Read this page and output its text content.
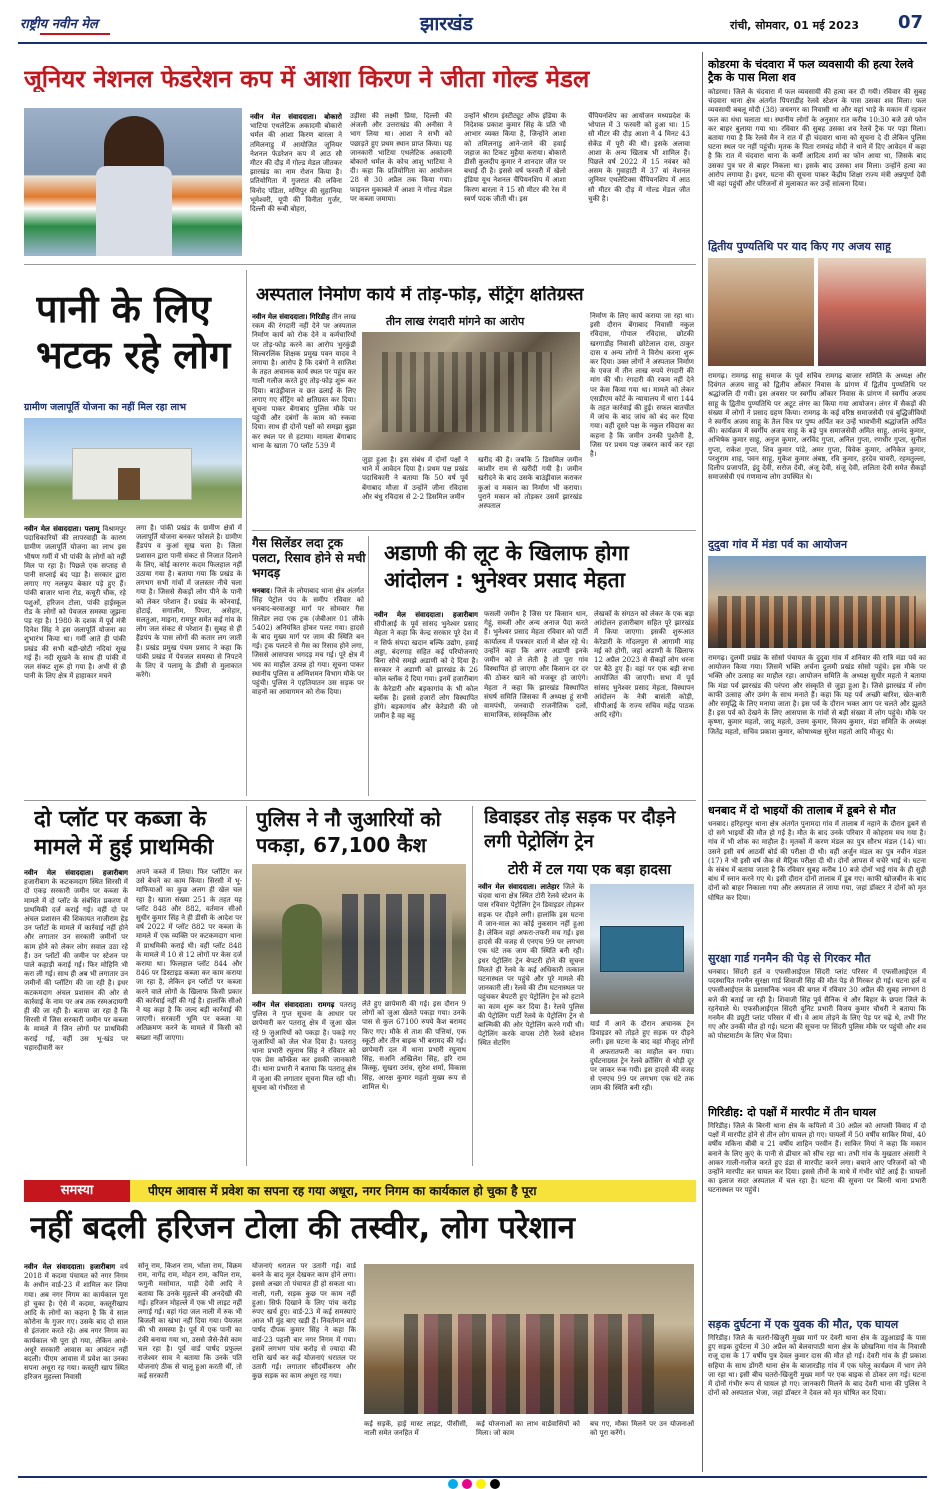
राष्ट्रीय नवीन मेल	झारखंड	रांची, सोमवार, 01 मई 2023 07
जूनियर नेशनल फेडरेशन कप में आशा किरण ने जीता गोल्ड मेडल
नवीन मेल संवाददाता। बोकारो भाटिया एथलेटिक अकादमी बोकारो थर्मल की आशा किरण बारला ने तमिलनाडु में आयोजित जूनियर नेशनल फेडरेशन कप में आठ सौ मीटर की दौड़ में गोल्ड मेडल जीतकर झारखंड का नाम रोशन किया है। प्रतियोगिता में गुजरात की लविना विनोद पंडिता, मणिपुर की सुहानिया भूमेश्वरी, यूपी की विनीता गुर्जर, दिल्ली की रूबी बोहरा,
उड़ीसा की लक्ष्मी प्रिया, दिल्ली की अंजली और उत्तराखंड की अनीसा ने भाग लिया था। आशा ने सभी को पछाड़ते हुए प्रथम स्थान प्राप्त किया। यह जानकारी भाटिया एथलेटिक अकादमी बोकारो थर्मल के कोच आशु भाटिया ने दी। कहा कि प्रतियोगिता का आयोजन 28 से 30 अप्रैल तक किया गया। फाइनल मुकाबले में आशा ने गोल्ड मेडल पर कब्जा जमाया।
उन्होंने श्रीराम इंस्टीट्यूट ऑफ इंडिया के निदेशक प्रकाश कुमार सिंह के प्रति भी आभार व्यक्त किया है, जिन्होंने आशा को तमिलनाडु आने-जाने की हवाई जहाज का टिकट मुहैया कराया। बोकारो डीसी कुलदीप कुमार ने शानदार जीत पर बधाई दी है। इससे वर्ष फरवरी में खेलो इंडिया यूथ नेशनल चैंपियनशिप में आशा किरण बारला ने 15 सौ मीटर की रेस में स्वर्ण पदक जीती थी। इस
चैंपियनशिप का आयोजन मध्यप्रदेश के भोपाल में 3 फरवरी को हुआ था। 15 सौ मीटर की दौड़ आशा ने 4 मिनट 43 सेकेंड में पूरी की थी। इसके अलावा आशा के अन्य खिताब भी शामिल हैं। पिछले वर्ष 2022 में 15 नवंबर को असम के गुवाहाटी में 37 वां नेशनल जूनियर एथलेटिक्स चैंपियनशिप में आठ सौ मीटर की दौड़ में गोल्ड मेडल जीत चुकी है।
पानी के लिए भटक रहे लोग
ग्रामीण जलापूर्ति योजना का नहीं मिल रहा लाभ
नवीन मेल संवाददाता। पलामू विश्रामपुर पदाधिकारियों की लापरवाही के कारण ग्रामीण जलापूर्ति योजना का लाभ इस भीषण गर्मी में भी पांकी के लोगों को नहीं मिल पा रहा है। पिछले एक सप्ताह से पानी सप्लाई बंद पड़ा है। सरकार द्वारा लगाए गए नलकूप बेकार पड़े हुए हैं। पांकी बाजार थाना रोड, कचूरी चौक, रहे पशुओं, हरिजन टोला, पांकी हाईस्कूल रोड के लोगों को पेयजल समस्या जूझना पड़ रहा है। 1980 के दशक में पूर्व मंत्री दिनेश सिंह ने इस जलापूर्ति योजना का शुभारंभ किया था। गर्मी आते ही पांकी प्रखंड की सभी बड़ी-छोटी नदियां सूख गई हैं। नदी सूखने के साथ ही पांकी में जल संकट शुरू हो गया है। अभी से ही पानी के लिए क्षेत्र में हाहाकार मचने
लगा है। पांकी प्रखंड के ग्रामीण क्षेत्रों में जलापूर्ति योजना बनकर फोसले है। ग्रामीण हैंडपंप व कुआं सूख चला है। जिला प्रशासन द्वारा पानी संकट से निजात दिलाने के लिए, कोई कारगर कदम फिलहाल नहीं उठाया गया है। बताया गया कि प्रखंड के लगभग सभी गांवों में जलस्तर नीचे चला गया है। जिससे सैकड़ों लोग पीने के पानी को लेकर परेशान हैं। प्रखंड के कोनवाई, होटाई, सगालीम, पिपरा, असेहार, सलतुआ, माइना, रामपुर समेत कई गांव के लोग जल संकट से परेशान हैं। सुबह से ही हैंडपंप के पास लोगों की कतार लग जाती है। प्रखंड प्रमुख पंचम प्रसाद ने कहा कि पांकी प्रखंड में पेयजल समस्या से निपटने के लिए वे पलामू के डीसी से मुलाकात करेंगे।
अस्पताल निर्माण कार्य में तोड़-फोड़, सेंट्रिंग क्षतिग्रस्त
नवीन मेल संवाददाता। गिरिडीह तीन लाख रकम की रंगदारी नहीं देने पर अस्पताल निर्माण कार्य को रोक देने व कर्मचारियों पर तोड़-फोड़ करने का आरोप भुरकुंडी सिल्वरलिंक शिक्षक प्रमुख पवन यादव ने लगाया है। आरोप है कि दबंगों ने साजिश के तहत अचानक कार्य स्थल पर पहुंच कर गाली गलौज करते हुए तोड़-फोड़ शुरू कर दिया। बाउंड्रीवाल व छत ढलाई के लिए लगाए गए सेंट्रिंग को क्षतिग्रस्त कर दिया। सूचना पाकर बेंगाबाद पुलिस मौके पर पहुंची और दबंगों के काम को रुकवा दिया। साथ ही दोनों पक्षों को समझा बुझा कर स्थल पर से हटाया। मामला बेंगाबाद थाना के खाता 70 प्लॉट 539 में
तीन लाख रंगदारी मांगने का आरोप
जुड़ा हुआ है। इस संबंध में दोनों पक्षों ने थाने में आवेदन दिया है। प्रथम पक्ष प्रखंड पदाधिकारी ने बताया कि 50 वर्ष पूर्व बेंगाबाद मौजा में उन्होंने जीना रविदास और बंधु रविदास से 2-2 डिसमिल जमीन
खरीद की है। जबकि 5 डिसमिल जमीन काशीर राम से खरीदी गयी है। जमीन खरीदने के बाद उसके बाउंड्रीवाल कराकर कुआं व मकान का निर्माण भी कराया। पुराने मकान को तोड़कर उसमें झारखंड अस्पताल
निर्माण के लिए कार्य कराया जा रहा था। इसी दौरान बेंगाबाद निवासी नकुल रविदास, गोपाल रविदास, छोटकी खरगाडीह निवासी छोटेलाल दास, ठाकुर दास व अन्य लोगों ने विरोध करना शुरू कर दिया। उक्त लोगों ने अस्पताल निर्माण के एवज में तीन लाख रुपये रंगदारी की मांग की थी। रंगदारी की रकम नहीं देने पर केस किया गया था। मामले को लेकर एसडीएम कोर्ट के न्यायालय में धारा 144 के तहत कार्रवाई की हुई। सफल बातचीत में जांच के बाद जांच को बंद कर दिया गया। वहीं दूसरे पक्ष के नकुल रविदास का कहना है कि जमीन उनकी पुश्तैनी है, जिस पर प्रथम पक्ष जबरन कार्य कर रहा है।
गैस सिलेंडर लदा ट्रक पलटा, रिसाव होने से मची भगदड़
धनबाद। जिले के लोयाबाद थाना क्षेत्र अंतर्गत सिंह पेट्रोल पंप के समीप रविवार को धनबाद-बरवाअड्डा मार्ग पर सोमवार गैस सिलेंडर लदा एक ट्रक (जेबीआर 01 जीके 5402) अनियंत्रित होकर पलट गया। हादसे के बाद मुख्य मार्ग पर जाम की स्थिति बन गई। ट्रक पलटने से गैस का रिसाव होने लगा, जिससे आसपास भगदड़ मच गई। पूरे क्षेत्र में भय का माहौल उत्पन्न हो गया। सूचना पाकर स्थानीय पुलिस व अग्निशमन विभाग मौके पर पहुंची। पुलिस ने एहतियातन उस सड़क पर वाहनों का आवागमन को रोक दिया।
अडाणी की लूट के खिलाफ होगा आंदोलन : भुनेश्वर प्रसाद मेहता
नवीन मेल संवाददाता। हजारीबाग सीपीआई के पूर्व सांसद भुनेश्वर प्रसाद मेहता ने कहा कि केन्द्र सरकार पूरे देश में न सिर्फ संपदा खदान बल्कि उद्योग, हवाई अड्डा, बंदरगाह सहित कई परियोजनाएं बिना सोचे समझे अडाणी को दे दिया है। सरकार ने अडाणी को झारखंड के 26 कोल ब्लॉक दे दिया गया। इनमें हजारीबाग के केरेडारी और बड़कागांव के भी कोल ब्लॉक है। इससे हजारों लोग विस्थापित होंगे। बड़कागांव और केरेडारी की जो जमीन है वह बहु
फसली जमीन है जिस पर किसान धान, गेहूं, सब्जी और अन्य अनाज पैदा करते हैं। भुनेश्वर प्रसाद मेहता रविवार को पार्टी कार्यालय में पत्रकार वार्ता में बोल रहे थे। उन्होंने कहा कि अगर अडाणी इनके जमीन को ले लेती है तो पूरा गांव विस्थापित हो जाएगा और किसान दर दर की ठोकर खाने को मजबूर हो जाएंगे। मेहता ने कहा कि झारखंड विस्थापित संघर्ष समिति जिसका मैं अध्यक्ष हूं सभी वामपंथी, जनवादी राजनीतिक दलों, सामाजिक, सांस्कृतिक और
लेखकों के संगठन को लेकर के एक बड़ा आंदोलन हजारीबाग सहित पूरे झारखंड में किया जाएगा। इसकी शुरूआत केरेडारी के गोंदलपुरा से आगामी माह मई को होगी, जहां अडाणी के खिलाफ 12 अप्रैल 2023 से सैकड़ों लोग धरना पर बैठे हुए हैं। वहां पर एक बड़ी सभा आयोजित की जाएगी। सभा में पूर्व सांसद भुनेश्वर प्रसाद मेहता, विस्थापन आंदोलन के नेत्री बासंती कोड़ी, सीपीआई के राज्य सचिव महेंद्र पाठक आदि रहेंगे।
दो प्लॉट पर कब्जा के मामले में हुई प्राथमिकी
नवीन मेल संवाददाता। हजारीबाग हजारीबाग के कटकमदाग स्थित सिरसी में दो एकड़ सरकारी जमीन पर कब्जा के मामले में दो प्लॉट के संबंधित प्रकरण में प्राथमिकी दर्ज कराई गई। वहीं दो पर अंचल प्रशासन की शिकायत नाजीराम हेड़ उन प्लॉटों के मामले में कार्रवाई नहीं होने और लगातार उन सरकारी जमीनों पर काम होने को लेकर लोग सवाल उठा रहे हैं। उन प्लॉटों की जमीन पर स्टेशन पर पाले कहाड़ी कराई गई। फिर मोहिनि भी करा ली गई। साथ ही अब भी लगातार उन जमीनों की प्लॉटिंग की जा रही है। इधर कटकमदाग अंचल प्रशासन की ओर से कार्रवाई के नाम पर अब तक रस्मअदायगी ही की जा रही है। बताया जा रहा है कि सिरसी में जिस सरकारी जमीन पर कब्जा के मामले में जिन लोगों पर प्राथमिकी कराई गई, वहीं उस भू-खंड पर चहारदीवारी कर
अपने कब्जे में लिया। फिर प्लॉटिंग कर उसे बेचने का काम किया। सिरसी में भू-माफियाओं का कुछ अलग ही खेल चल रहा है। खाता संख्या 251 के तहत यह प्लॉट 848 और 882, वर्तमान सीओ सुधीर कुमार सिंह ने ही डीसी के आदेश पर वर्ष 2022 में प्लॉट 882 पर कब्जा के मामले में एक व्यक्ति पर कटकमदाग थाना में प्राथमिकी कराई थी। वहीं प्लॉट 848 के मामले में 10 से 12 लोगों पर केस दर्ज कराया था। फिलहाल प्लॉट 844 और 846 पर डिस्टाइड कब्जा कर काम कराया जा रहा है, लेकिन इन प्लॉटों पर कब्जा करने वाले लोगों के खिलाफ किसी प्रकार की कार्रवाई नहीं की गई है। हालांकि सीओ ने यह कहा है कि जल्द बड़ी कार्रवाई की जाएगी। सरकारी भूमि पर कब्जा या अतिक्रमण करने के मामले में किसी को बख्शा नहीं जाएगा।
पुलिस ने नौ जुआरियों को पकड़ा, 67,100 कैश
नवीन मेल संवाददाता। रामगढ़ पतरातू पुलिस ने गुप्त सूचना के आधार पर छापेमारी कर पतरातू क्षेत्र में जुआ खेल रहे 9 जुआरियों को पकड़ा है। पकड़े गए जुआरियों को जेल भेज दिया है। पतरातू थाना प्रभारी रघुनाथ सिंह ने रविवार को एक प्रेस कॉन्फ्रेंस कर इसकी जानकारी दी। थाना प्रभारी ने बताया कि पतरातू क्षेत्र में जुआ की लगातार सूचना मिल रही थी। सूचना को गंभीरता से
लेते हुए छापेमारी की गई। इस दौरान 9 लोगों को जुआ खेलते पकड़ा गया। उनके पास से कुल 67100 रुपये कैश बरामद किए गए। मौके से ताश की पत्तियां, एक स्कूटी और तीन बाइक भी बरामद की गई। छापेमारी दल में थाना प्रभारी रघुनाथ सिंह, सअनि अखिलेश सिंह, हरि राम किस्कू, सुखरा उरांव, सुरेश शर्मा, विकास सिंह, आरक्ष कुमार महतो मुख्य रूप से शामिल थे।
डिवाइडर तोड़ सड़क पर दौड़ने लगी पेट्रोलिंग ट्रेन
टोरी में टल गया एक बड़ा हादसा
नवीन मेल संवाददाता। लातेहार जिले के चंदवा थाना क्षेत्र स्थित टोरी रेलवे स्टेशन के पास रविवार पेट्रोलिंग ट्रेन डिवाइडर तोड़कर सड़क पर दौड़ने लगी। हालांकि इस घटना में जान-माल का कोई नुकसान नहीं हुआ है। लेकिन वहां अफरा-तफरी मच गई। इस हादसे की वजह से एनएच 99 पर लगभग एक घंटे तक जाम की स्थिति बनी रही। इधर पेट्रोलिंग ट्रेन बेपटरी होने की सूचना मिलते ही रेलवे के कई अधिकारी तत्काल घटनास्थल पर पहुंचे और पूरे मामले की जानकारी ली। रेलवे की टीम घटनास्थल पर पहुंचकर बेपटरी हुए पेट्रोलिंग ट्रेन को हटाने का काम शुरू कर दिया है। रेलवे पुलिस की पेट्रोलिंग पार्टी रेलवे के पेट्रोलिंग ट्रेन से बाल्मिकी की ओर पेट्रोलिंग करने गयी थी। पेट्रोलिंग करके वापस टोरी रेलवे स्टेशन स्थित सेटरिंग
यार्ड में आने के दौरान अचानक ट्रेन डिवाइडर को तोड़ते हुए सड़क पर दौड़ने लगी। इस घटना के बाद वहां मौजूद लोगों में अफरातफरी का माहौल बन गया। दुर्घटनाग्रस्त ट्रेन रेलवे क्रॉसिंग से थोड़ी दूर पर जाकर रुक गयी। इस हादसे की वजह से एनएच 99 पर लगभग एक घंटे तक जाम की स्थिति बनी रही।
समस्या	पीएम आवास में प्रवेश का सपना रह गया अधूरा, नगर निगम का कार्यकाल हो चुका है पूरा
नहीं बदली हरिजन टोला की तस्वीर, लोग परेशान
नवीन मेल संवाददाता। हजारीबाग वर्ष 2018 में कदमा पंचायत को नगर निगम के अधीन वार्ड-23 में शामिल कर लिया गया। अब नगर निगम का कार्यकाल पूरा हो चुका है। ऐसे में कदमा, कस्तूरीखाप आदि के लोगों का कहना है कि वे साल कोरोना के गुजर गए। उसके बाद दो साल से इंतजार करते रहे। अब नगर निगम का कार्यकाल भी पूरा हो गया, लेकिन आधे-अधूरे सरकारी आवास का आवंटन नहीं बदली। पीएम आवास में प्रवेश का उनका सपना अधूरा रह गया। कस्तूरी खाप स्थित हरिजन मुहल्ला निवासी
सोनू राम, किशन राम, भोला राम, विक्रम राम, नागेंद्र राम, मोहन राम, कपिल राम, फगुनी मसोमात, पाड़ी देवी आदि ने बताया कि उनके मुहल्ले की अनदेखी की गई। हरिजन मोहल्ले में एक भी लाइट नहीं लगाई गई। वहां गंदा जल नाली में रुक भी बिजली का खंभा नहीं दिया गया। पेयजल की भी समस्या है। पूर्व में एक पानी का टंकी बनाया गया था, उससे जैसे-तैसे काम चल रहा है। पूर्व वार्ड पार्षद प्रफुल्ल राजेश्वर साव ने बताया कि उनके पति योजनाएं ठीक से चालू हुआ करती थीं, तो कई सरकारी
योजनाएं धरातल पर उतारी गईं। वार्ड बनने के बाद मूल देखकर काम होने लगा। इससे अच्छा तो पंचायत ही हो सकता था। नाली, गली, सड़क कुछ पर काम नहीं हुआ। सिर्फ दिखाने के लिए पांच करोड़ रुपए खर्च हुए। वार्ड-23 में कई समस्याएं आज भी मुंह बाए खड़ी हैं। निवर्तमान वार्ड पार्षद दीपक कुमार सिंह ने कहा कि वार्ड-23 पहली बार नगर निगम में गया। इसमें लगभग पांच करोड़ से ज्यादा की राशि खर्च कर कई योजनाएं धरातल पर उतारी गईं। लगातार सौंदर्यीकरण और कुछ सड़क का काम अधूरा रह गया।
कई सड़कें, हाई मास्ट लाइट, पीसीसी, नाली समेत जनहित में
कई योजनाओं का लाभ वार्डवासियों को मिला। जो काम
बच गए, मौका मिलने पर उन योजनाओं को पूरा करेंगे।
कोडरमा के चंदवारा में फल व्यवसायी की हत्या रेलवे ट्रैक के पास मिला शव
कोडरमा। जिले के चंदवारा में फल व्यवसायी की हत्या कर दी गयी। रविवार की सुबह चंदवारा थाना क्षेत्र अंतर्गत पिपराडीह रेलवे स्टेशन के पास उसका शव मिला। फल व्यवसायी बबलू मोदी (38) जयनगर का निवासी था और यहां भाड़े के मकान में रहकर फल का धंधा चलाता था। स्थानीय लोगों के अनुसार रात करीब 10:30 बजे उसे फोन कर बाहर बुलाया गया था। रविवार की सुबह उसका शव रेलवे ट्रैक पर पड़ा मिला। बताया गया है कि रेलवे मैन ने रात में ही चंदवारा थाना को सूचना दे दी लेकिन पुलिस घटना स्थल पर नहीं पहुंची। मृतक के पिता रामचंद्र मोदी ने थाने में दिए आवेदन में कहा है कि रात में चंदवारा थाना के कर्मी आदित्य शर्मा का फोन आया था, जिसके बाद उसका पुत्र घर से बाहर निकला था। इसके बाद उसका शव मिला। उन्होंने हत्या का आरोप लगाया है। इधर, घटना की सूचना पाकर केंद्रीय शिक्षा राज्य मंत्री अन्नपूर्णा देवी भी वहां पहुंचीं और परिजनों से मुलाकात कर उन्हें सांत्वना दिया।
द्वितीय पुण्यतिथि पर याद किए गए अजय साहू
रामगढ़। रामगढ़ साहू समाज के पूर्व सचिव रामगढ़ बाजार समिति के अध्यक्ष और दिवंगत अजय साहू को द्वितीय ओंकार निवास के प्रांगण में द्वितीय पुण्यतिथि पर श्रद्धांजलि दी गयी। इस अवसर पर स्वर्गीय ओंकार निवास के प्रांगण में स्वर्गीय अजय साहू के द्वितीय पुण्यतिथि पर अटूट लंगर का किया गया आयोजन। लंगर में सैकड़ों की संख्या में लोगों ने प्रसाद ग्रहण किया। रामगढ़ के कई वरिष्ठ समाजसेवी एवं बुद्धिजीवियों ने स्वर्गीय अजय साहू के तैल चित्र पर पुष्प अर्पित कर उन्हें भावभीनी श्रद्धांजलि अर्पित की। कार्यक्रम में स्वर्गीय अजय साहू के बड़े पुत्र समाजसेवी अमित साहू, आनंद कुमार, अभिषेक कुमार साहू, अनुज कुमार, अरविंद गुप्ता, अनिल गुप्ता, रणधीर गुप्ता, सुनील गुप्ता, राकेश गुप्ता, शिव कुमार पांडे, अमर गुप्ता, विवेक कुमार, अनिकेत कुमार, परशुराम शाह, पवन साहू, मुकेश कुमार अंबष्ठ, रवि कुमार, हरदेव चावरी, रहमतुल्ला, दिलीप प्रजापति, इंदु देवी, सरोज देवी, अंजू देवी, संजू देवी, ललिता देवी समेत सैकड़ों समाजसेवी एवं गणमान्य लोग उपस्थित थे।
दुदुवा गांव में मंडा पर्व का आयोजन
रामगढ़। दुलमी प्रखंड के सोसो पंचायत के दुदुवा गांव में शनिवार की रात्रि मंडा पर्व का आयोजन किया गया। जिसमें भक्ति अर्चना दुलमी प्रखंड सोसो पहुंचे। इस मौके पर भक्ति और उत्साह का माहौल रहा। आयोजन समिति के अध्यक्ष सुधीर महतो ने बताया कि मंडा पर्व झारखंड की परंपरा और संस्कृति से जुड़ा हुआ है। जिसे झारखंड में लोग काफी उत्साह और उमंग के साथ मनाते हैं। कहा कि यह पर्व अच्छी बारिश, खेत-बारी और समृद्धि के लिए मनाया जाता है। इस पर्व के दौरान भक्त आग पर चलते और झूलते हैं। इस पर्व को देखने के लिए आसपास के गांवों से बड़ी संख्या में लोग पहुंचे। मौके पर कृष्णा, कुमार महतो, जादू महतो, उत्तम कुमार, विजय कुमार, मंडा समिति के अध्यक्ष जितेंद्र महतो, सचिव प्रकाश कुमार, कोषाध्यक्ष सुरेश महतो आदि मौजूद थे।
धनबाद में दो भाइयों की तालाब में डूबने से मौत
धनबाद। हरिहरपुर थाना क्षेत्र अंतर्गत पुनामदा गांव में तालाब में नहाने के दौरान डूबने से दो सगे भाइयों की मौत हो गई है। मौत के बाद उनके परिवार में कोहराम मच गया है। गांव में भी शोक का माहौल है। मृतकों में करण मंडल का पुत्र सौरभ मंडल (14) था। उसने इसी वर्ष आठवीं बोर्ड की परीक्षा दी थी। वहीं अर्जुन मंडल का पुत्र नवीन मंडल (17) ने भी इसी वर्ष जैक से मैट्रिक परीक्षा दी थी। दोनों आपस में चचेरे भाई थे। घटना के संबंध में बताया जाता है कि रविवार सुबह करीब 10 बजे दोनों भाई गांव के ही सुड़ी बांध में स्नान करने गए थे। इसी दौरान दोनों तालाब में डूब गए। काफी खोजबीन के बाद दोनों को बाहर निकाला गया और अस्पताल ले जाया गया, जहां डॉक्टर ने दोनों को मृत घोषित कर दिया।
सुरक्षा गार्ड गनमैन की पेड़ से गिरकर मौत
धनबाद। सिंदरी हर्ल व एफसीआईएल सिंदरी प्लांट परिसर में एफसीआईएल में पदस्थापित गनमैन सुरक्षा गार्ड शिवाजी सिंह की मौत पेड़ से गिरकर हो गई। घटना हर्ल व एफसीआईएल के प्रशासनिक भवन की बगल में रविवार 30 अप्रैल की सुबह लगभग 8 बजे की बताई जा रही है। शिवाजी सिंह पूर्व सैनिक थे और बिहार के छपरा जिले के रहनेवाले थे। एफसीआईएल सिंदरी यूनिट प्रभारी विजय कुमार चौधरी ने बताया कि गनमैन की ड्यूटी प्लांट परिसर में थी। वे आम तोड़ने के लिए पेड़ पर चढ़े थे, तभी गिर गए और उनकी मौत हो गई। घटना की सूचना पर सिंदरी पुलिस मौके पर पहुंची और शव को पोस्टमार्टम के लिए भेज दिया।
गिरिडीह: दो पक्षों में मारपीट में तीन घायल
गिरिडीह। जिले के बिरनी थाना क्षेत्र के कपिलो में 30 अप्रैल को आपसी विवाद में दो पक्षों में मारपीट होने से तीन लोग घायल हो गए। घायलों में 50 वर्षीय साकिर मियां, 40 वर्षीय मकिना बीबी व 21 वर्षीय शाहिन परवीन हैं। साकिर मियां ने कहा कि मकान बनाने के लिए कुएं के पानी से ढीचार को सींच रहा था। तभी गांव के मुखतार अंसारी ने आकर गाली-गलौज करते हुए डंडा से मारपीट करने लगा। बचाने आए परिजनों को भी उन्होंने मारपीट कर घायल कर दिया। इससे तीनों के माथे में गंभीर चोटें आई हैं। घायलों का इलाज सदर अस्पताल में चल रहा है। घटना की सूचना पर बिरनी थाना प्रभारी घटनास्थल पर पहुंचे।
सड़क दुर्घटना में एक युवक की मौत, एक घायल
गिरिडीह। जिले के चतरो-खिजुरी मुख्य मार्ग पर देवरी थाना क्षेत्र के उडुआडाईं के पास हुए सड़क दुर्घटना में 30 अप्रैल को बेलवापाठी थाना क्षेत्र के छोखनिमा गांव के निवासी राजू दास के 17 वर्षीय पुत्र देवल कुमार दास की मौत हो गई। देवरी गांव के ही प्रकाश सहिया के साथ डोंगरी थाना क्षेत्र के बाजारडीह गांव में एक घरेलू कार्यक्रम में भाग लेने जा रहा था। इसी बीच चतरो-खिजुरी मुख्य मार्ग पर एक बाइक से ठोकर लग गई। घटना में दोनों गंभीर रूप से घायल हो गए। जानकारी मिलने के बाद देवरी थाना की पुलिस ने दोनों को अस्पताल भेजा, जहां डॉक्टर ने देवल को मृत घोषित कर दिया।
